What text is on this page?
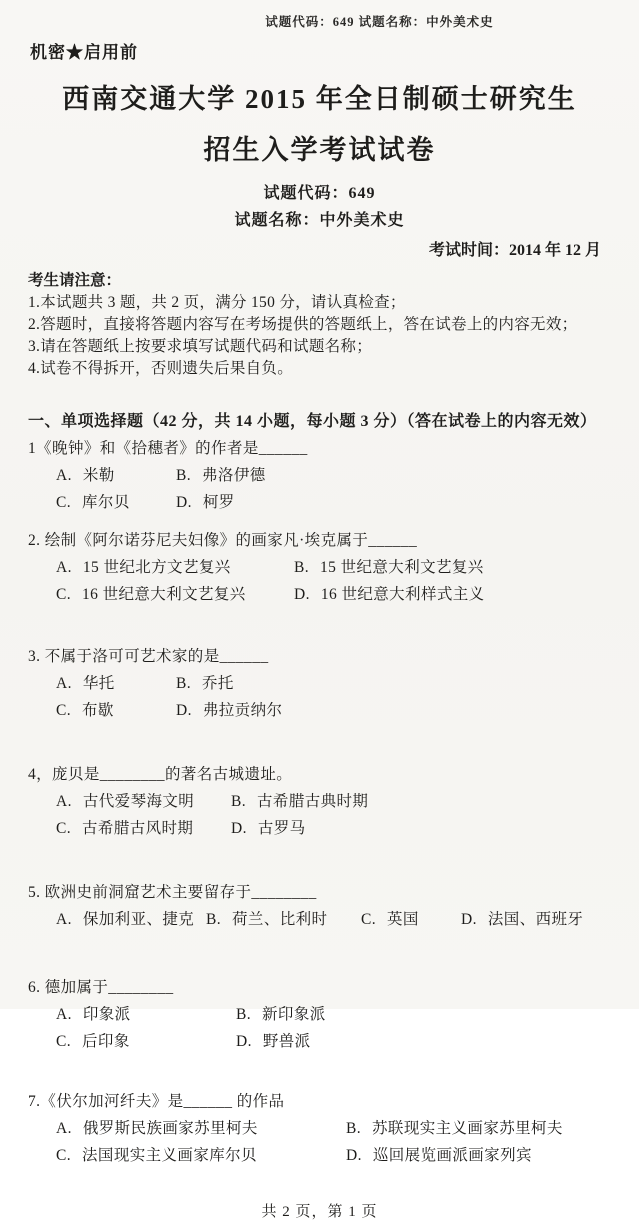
试题代码：649 试题名称：中外美术史
机密★启用前
西南交通大学 2015 年全日制硕士研究生
招生入学考试试卷
试题代码：649
试题名称：中外美术史
考试时间：2014 年 12 月
考生请注意：
1.本试题共 3 题，共 2 页，满分 150 分，请认真检查；
2.答题时，直接将答题内容写在考场提供的答题纸上，答在试卷上的内容无效；
3.请在答题纸上按要求填写试题代码和试题名称；
4.试卷不得拆开，否则遗失后果自负。
一、单项选择题（42 分，共 14 小题，每小题 3 分）（答在试卷上的内容无效）
1《晚钟》和《拾穗者》的作者是______
A. 米勒	B. 弗洛伊德
C. 库尔贝	D. 柯罗
2. 绘制《阿尔诺芬尼夫妇像》的画家凡·埃克属于______
A. 15 世纪北方文艺复兴	B. 15 世纪意大利文艺复兴
C. 16 世纪意大利文艺复兴	D. 16 世纪意大利样式主义
3. 不属于洛可可艺术家的是______
A. 华托	B. 乔托
C. 布歇	D. 弗拉贡纳尔
4，庞贝是________的著名古城遗址。
A. 古代爱琴海文明 B. 古希腊古典时期
C. 古希腊古风时期 D. 古罗马
5. 欧洲史前洞窟艺术主要留存于________
A. 保加利亚、捷克 B. 荷兰、比利时 C. 英国	D. 法国、西班牙
6. 德加属于________
A. 印象派	B. 新印象派
C. 后印象	D. 野兽派
7.《伏尔加河纤夫》是______ 的作品
A. 俄罗斯民族画家苏里柯夫	B. 苏联现实主义画家苏里柯夫
C. 法国现实主义画家库尔贝	D. 巡回展览画派画家列宾
共 2 页，第 1 页
